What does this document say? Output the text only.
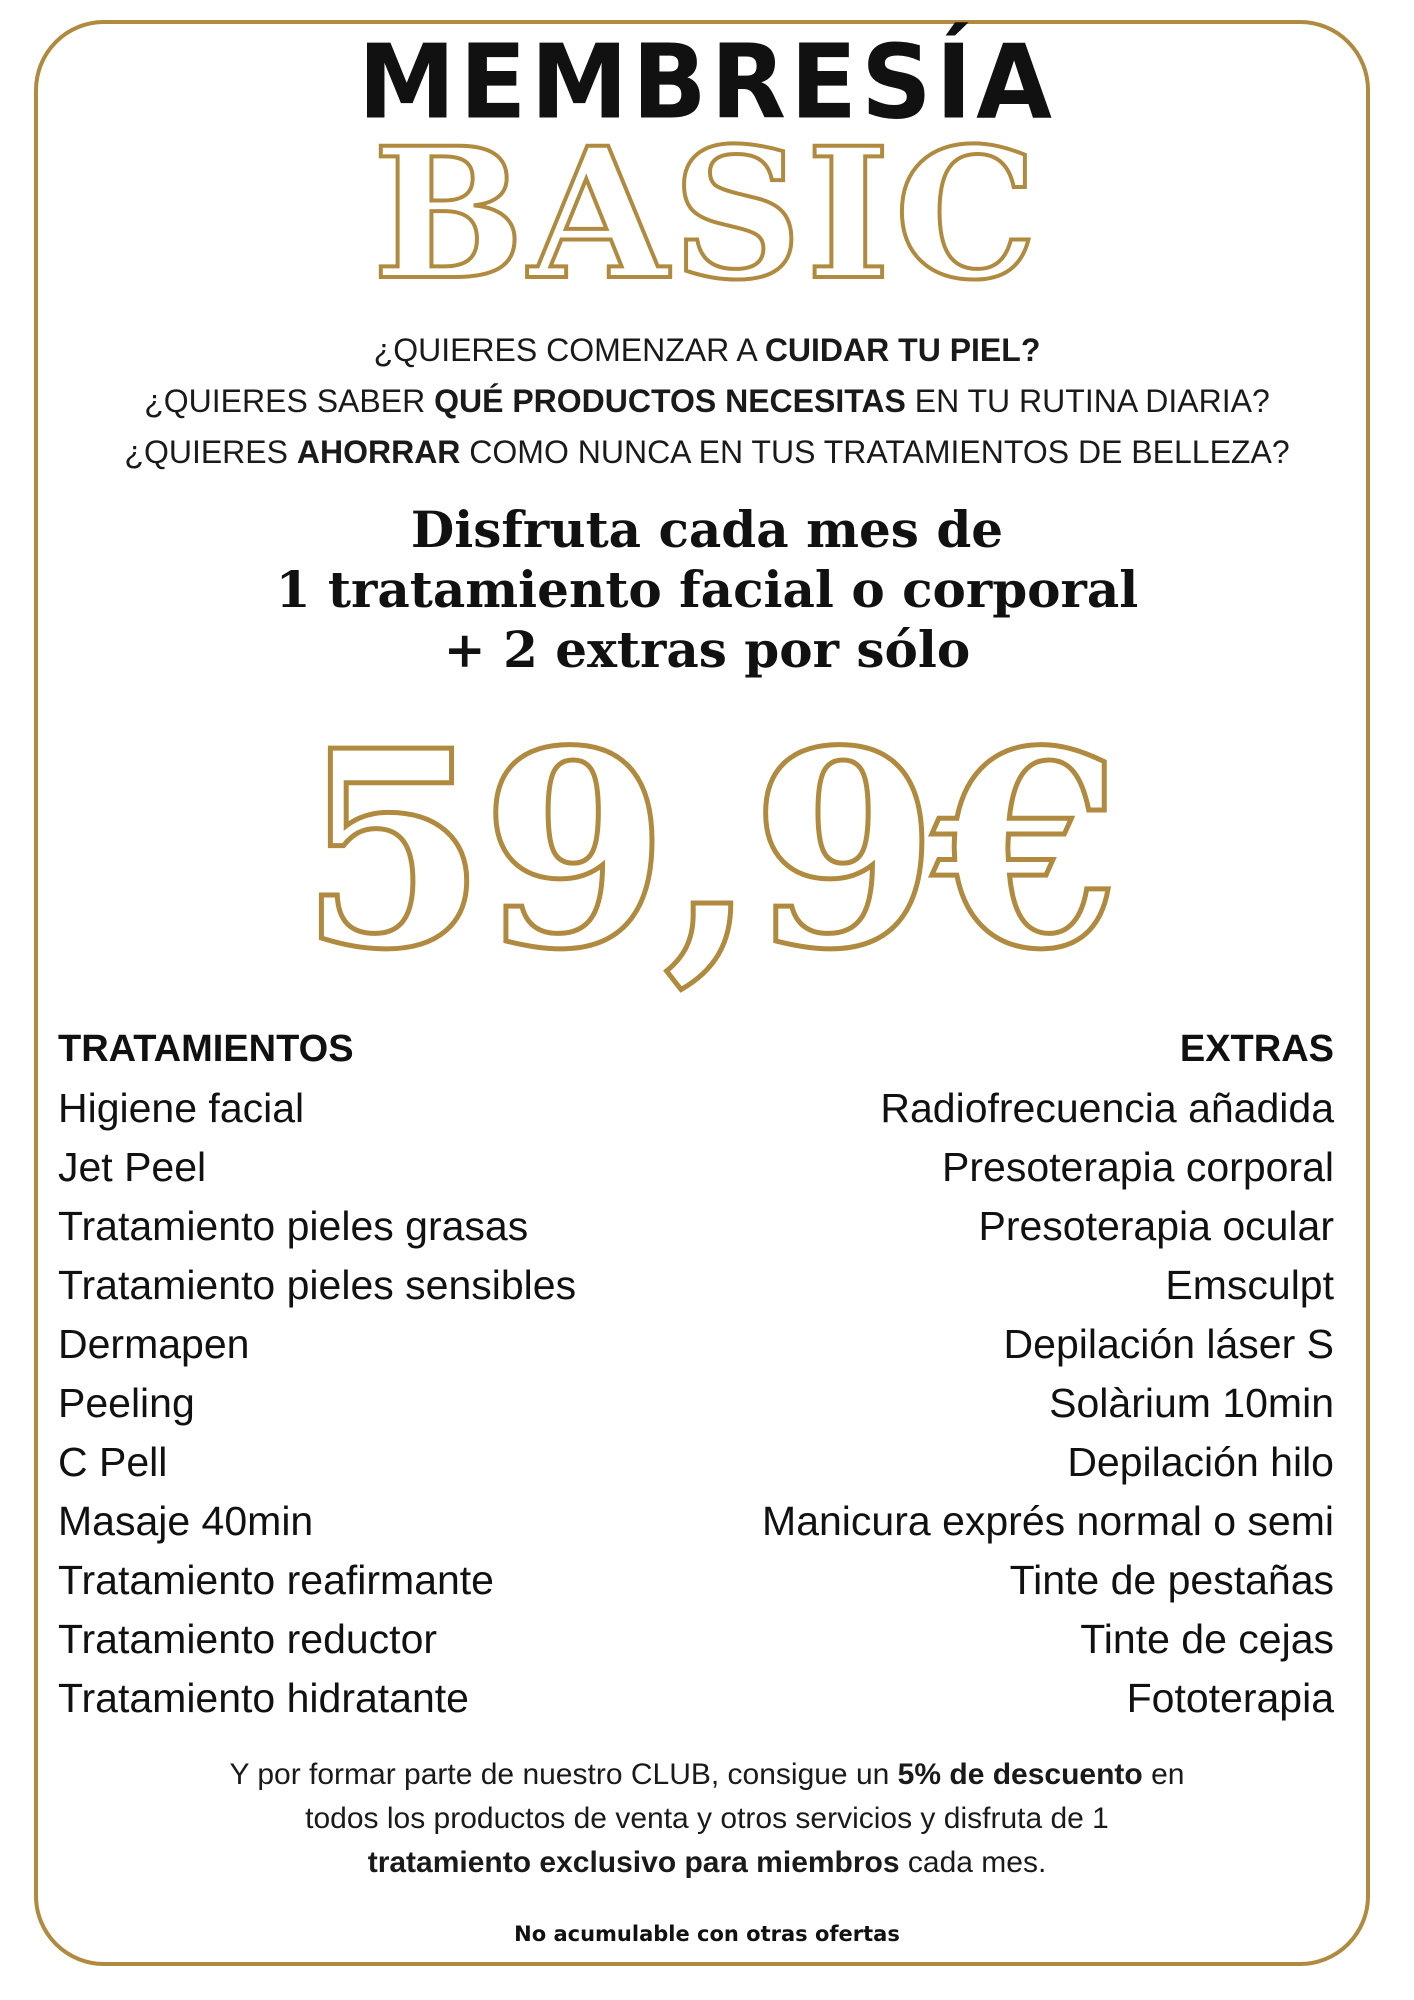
MEMBRESÍA
BASIC
¿QUIERES COMENZAR A CUIDAR TU PIEL?
¿QUIERES SABER QUÉ PRODUCTOS NECESITAS EN TU RUTINA DIARIA?
¿QUIERES AHORRAR COMO NUNCA EN TUS TRATAMIENTOS DE BELLEZA?
Disfruta cada mes de
1 tratamiento facial o corporal
+ 2 extras por sólo
59,9€
TRATAMIENTOS
Higiene facial
Jet Peel
Tratamiento pieles grasas
Tratamiento pieles sensibles
Dermapen
Peeling
C Pell
Masaje 40min
Tratamiento reafirmante
Tratamiento reductor
Tratamiento hidratante
EXTRAS
Radiofrecuencia añadida
Presoterapia corporal
Presoterapia ocular
Emsculpt
Depilación láser S
Solàrium 10min
Depilación hilo
Manicura exprés normal o semi
Tinte de pestañas
Tinte de cejas
Fototerapia
Y por formar parte de nuestro CLUB, consigue un 5% de descuento en
todos los productos de venta y otros servicios y disfruta de 1
tratamiento exclusivo para miembros cada mes.
No acumulable con otras ofertas
